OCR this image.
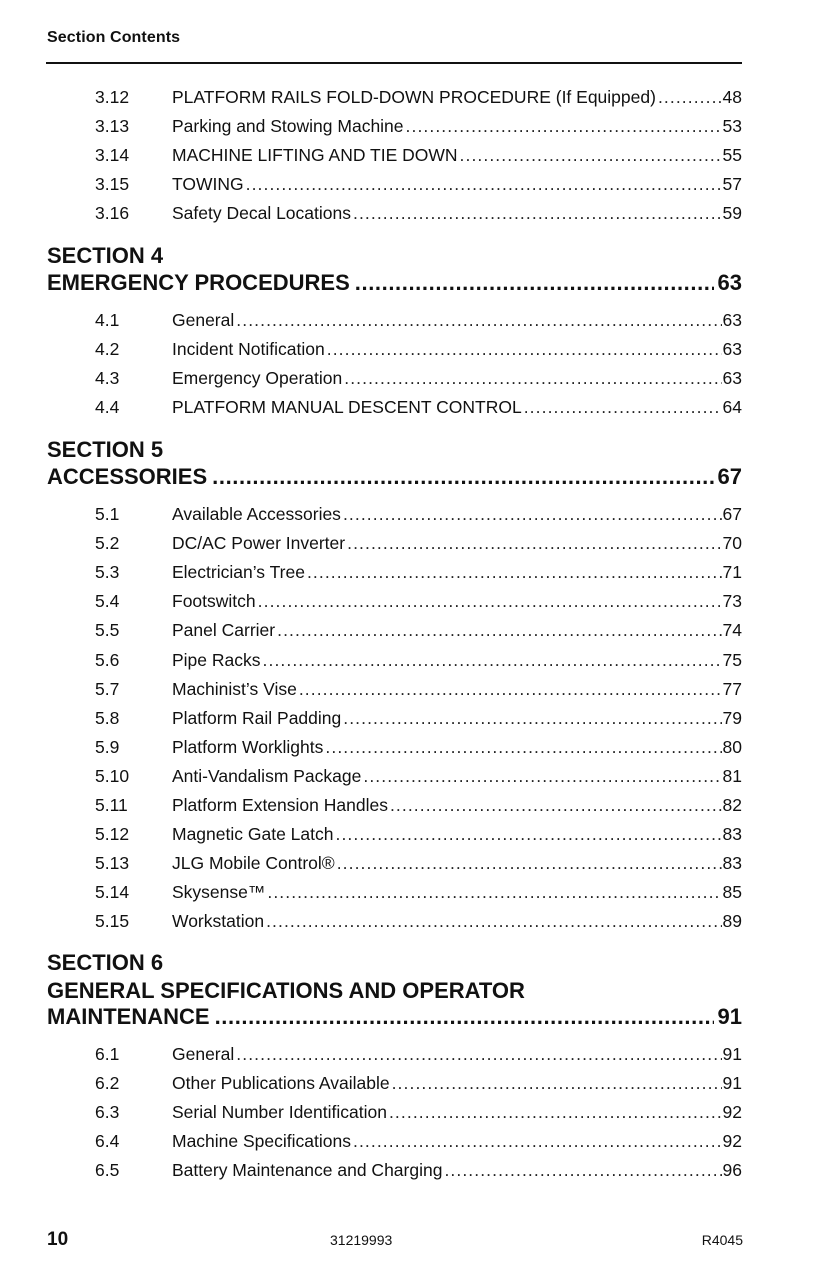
Section Contents
SECTION 4
EMERGENCY PROCEDURES .....	63
SECTION 5
ACCESSORIES .....	67
SECTION 6
GENERAL SPECIFICATIONS AND OPERATOR
MAINTENANCE .....	91
3.12	PLATFORM RAILS FOLD-DOWN PROCEDURE (If Equipped) .....	48
3.13	Parking and Stowing Machine .....	53
3.14	MACHINE LIFTING AND TIE DOWN .....	55
3.15	TOWING .....	57
3.16	Safety Decal Locations .....	59
4.1	General .....	63
4.2	Incident Notification .....	63
4.3	Emergency Operation .....	63
4.4	PLATFORM MANUAL DESCENT CONTROL .....	64
5.1	Available Accessories .....	67
5.2	DC/AC Power Inverter .....	70
5.3	Electrician’s Tree .....	71
5.4	Footswitch .....	73
5.5	Panel Carrier .....	74
5.6	Pipe Racks .....	75
5.7	Machinist’s Vise .....	77
5.8	Platform Rail Padding .....	79
5.9	Platform Worklights .....	80
5.10	Anti-Vandalism Package .....	81
5.11	Platform Extension Handles .....	82
5.12	Magnetic Gate Latch .....	83
5.13	JLG Mobile Control® .....	83
5.14	Skysense™ .....	85
5.15	Workstation .....	89
6.1	General .....	91
6.2	Other Publications Available .....	91
6.3	Serial Number Identification .....	92
6.4	Machine Specifications .....	92
6.5	Battery Maintenance and Charging .....	96
10	31219993	R4045
